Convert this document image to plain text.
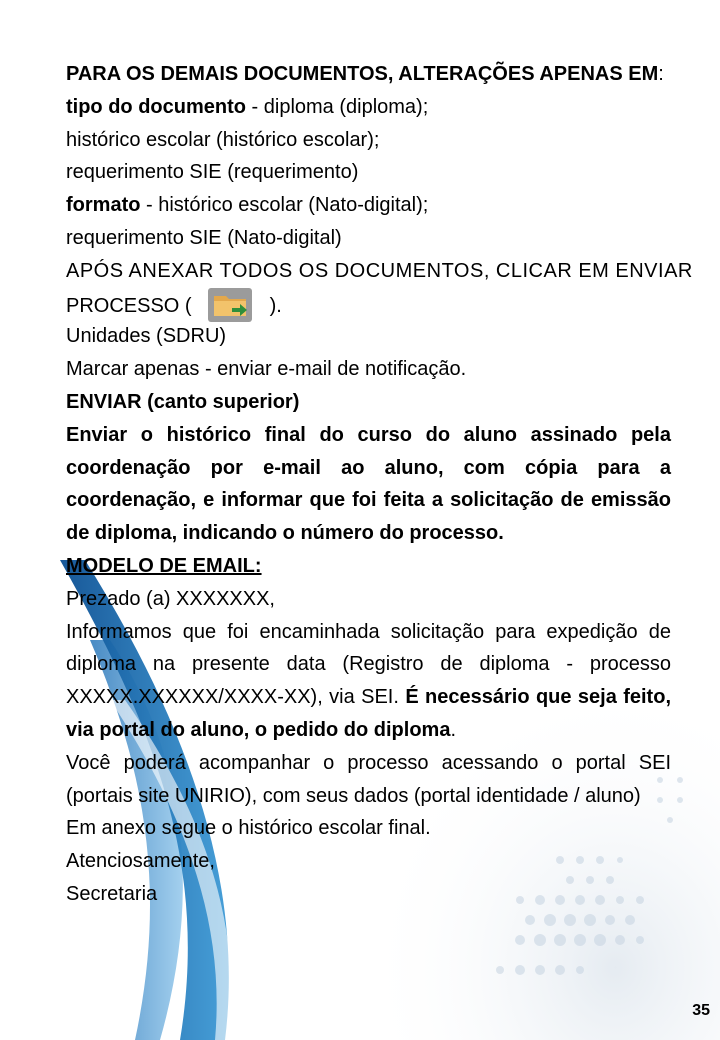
PARA OS DEMAIS DOCUMENTOS, ALTERAÇÕES APENAS EM:
tipo do documento - diploma (diploma);
histórico escolar (histórico escolar);
requerimento SIE (requerimento)
formato - histórico escolar (Nato-digital);
requerimento SIE (Nato-digital)
APÓS ANEXAR TODOS OS DOCUMENTOS, CLICAR EM ENVIAR
PROCESSO (	).
Unidades (SDRU)
Marcar apenas - enviar e-mail de notificação.
ENVIAR (canto superior)
Enviar o histórico final do curso do aluno assinado pela coordenação por e-mail ao aluno, com cópia para a coordenação, e informar que foi feita a solicitação de emissão de diploma, indicando o número do processo.
MODELO DE EMAIL:
Prezado (a) XXXXXXX,
Informamos que foi encaminhada solicitação para expedição de diploma na presente data (Registro de diploma - processo XXXXX.XXXXXX/XXXX-XX), via SEI. É necessário que seja feito, via portal do aluno, o pedido do diploma.
Você poderá acompanhar o processo acessando o portal SEI (portais site UNIRIO), com seus dados (portal identidade / aluno)
Em anexo segue o histórico escolar final.
Atenciosamente,
Secretaria
35
